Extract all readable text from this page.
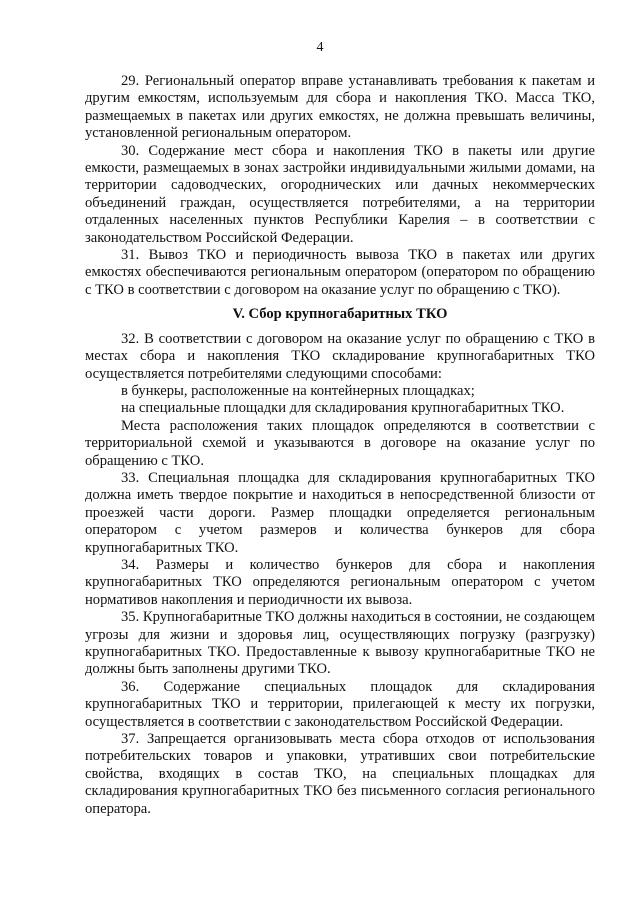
4

29. Региональный оператор вправе устанавливать требования к пакетам и другим емкостям, используемым для сбора и накопления ТКО. Масса ТКО, размещаемых в пакетах или других емкостях, не должна превышать величины, установленной региональным оператором.

30. Содержание мест сбора и накопления ТКО в пакеты или другие емкости, размещаемых в зонах застройки индивидуальными жилыми домами, на территории садоводческих, огороднических или дачных некоммерческих объединений граждан, осуществляется потребителями, а на территории отдаленных населенных пунктов Республики Карелия – в соответствии с законодательством Российской Федерации.

31. Вывоз ТКО и периодичность вывоза ТКО в пакетах или других емкостях обеспечиваются региональным оператором (оператором по обращению с ТКО в соответствии с договором на оказание услуг по обращению с ТКО).

V. Сбор крупногабаритных ТКО

32. В соответствии с договором на оказание услуг по обращению с ТКО в местах сбора и накопления ТКО складирование крупногабаритных ТКО осуществляется потребителями следующими способами:

в бункеры, расположенные на контейнерных площадках;

на специальные площадки для складирования крупногабаритных ТКО.

Места расположения таких площадок определяются в соответствии с территориальной схемой и указываются в договоре на оказание услуг по обращению с ТКО.

33. Специальная площадка для складирования крупногабаритных ТКО должна иметь твердое покрытие и находиться в непосредственной близости от проезжей части дороги. Размер площадки определяется региональным оператором с учетом размеров и количества бункеров для сбора крупногабаритных ТКО.

34. Размеры и количество бункеров для сбора и накопления крупногабаритных ТКО определяются региональным оператором с учетом нормативов накопления и периодичности их вывоза.

35. Крупногабаритные ТКО должны находиться в состоянии, не создающем угрозы для жизни и здоровья лиц, осуществляющих погрузку (разгрузку) крупногабаритных ТКО. Предоставленные к вывозу крупногабаритные ТКО не должны быть заполнены другими ТКО.

36. Содержание специальных площадок для складирования крупногабаритных ТКО и территории, прилегающей к месту их погрузки, осуществляется в соответствии с законодательством Российской Федерации.

37. Запрещается организовывать места сбора отходов от использования потребительских товаров и упаковки, утративших свои потребительские свойства, входящих в состав ТКО, на специальных площадках для складирования крупногабаритных ТКО без письменного согласия регионального оператора.
